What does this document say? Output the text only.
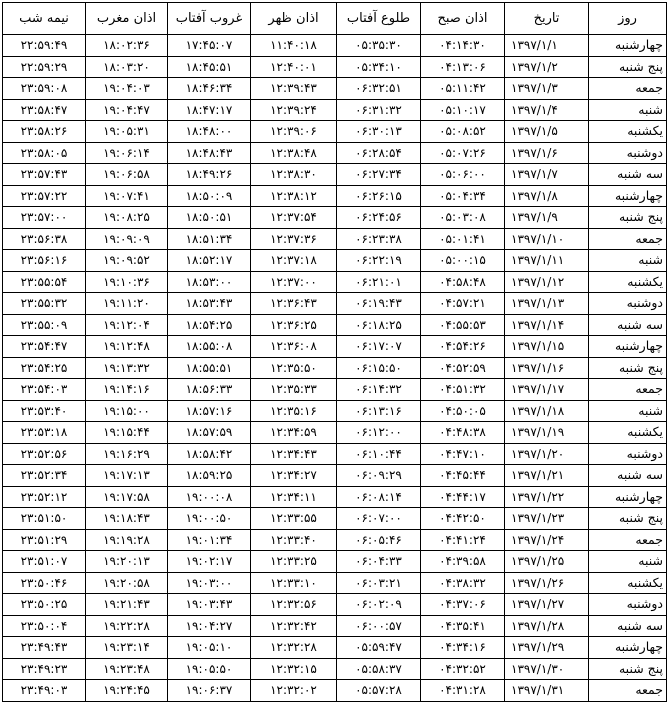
روز	تاریخ	اذان صبح	طلوع آفتاب	اذان ظهر	غروب آفتاب	اذان مغرب	نیمه شب
چهارشنبه	۱۳۹۷/۱/۱	۰۴:۱۴:۳۰	۰۵:۳۵:۳۰	۱۱:۴۰:۱۸	۱۷:۴۵:۰۷	۱۸:۰۲:۳۶	۲۲:۵۹:۴۹
پنج شنبه	۱۳۹۷/۱/۲	۰۴:۱۳:۰۶	۰۵:۳۴:۱۰	۱۲:۴۰:۰۱	۱۸:۴۵:۵۱	۱۸:۰۳:۲۰	۲۲:۵۹:۲۹
جمعه	۱۳۹۷/۱/۳	۰۵:۱۱:۴۲	۰۶:۳۲:۵۱	۱۲:۳۹:۴۳	۱۸:۴۶:۳۴	۱۹:۰۴:۰۳	۲۳:۵۹:۰۸
شنبه	۱۳۹۷/۱/۴	۰۵:۱۰:۱۷	۰۶:۳۱:۳۲	۱۲:۳۹:۲۴	۱۸:۴۷:۱۷	۱۹:۰۴:۴۷	۲۳:۵۸:۴۷
یکشنبه	۱۳۹۷/۱/۵	۰۵:۰۸:۵۲	۰۶:۳۰:۱۳	۱۲:۳۹:۰۶	۱۸:۴۸:۰۰	۱۹:۰۵:۳۱	۲۳:۵۸:۲۶
دوشنبه	۱۳۹۷/۱/۶	۰۵:۰۷:۲۶	۰۶:۲۸:۵۴	۱۲:۳۸:۴۸	۱۸:۴۸:۴۳	۱۹:۰۶:۱۴	۲۳:۵۸:۰۵
سه شنبه	۱۳۹۷/۱/۷	۰۵:۰۶:۰۰	۰۶:۲۷:۳۴	۱۲:۳۸:۳۰	۱۸:۴۹:۲۶	۱۹:۰۶:۵۸	۲۳:۵۷:۴۳
چهارشنبه	۱۳۹۷/۱/۸	۰۵:۰۴:۳۴	۰۶:۲۶:۱۵	۱۲:۳۸:۱۲	۱۸:۵۰:۰۹	۱۹:۰۷:۴۱	۲۳:۵۷:۲۲
پنج شنبه	۱۳۹۷/۱/۹	۰۵:۰۳:۰۸	۰۶:۲۴:۵۶	۱۲:۳۷:۵۴	۱۸:۵۰:۵۱	۱۹:۰۸:۲۵	۲۳:۵۷:۰۰
جمعه	۱۳۹۷/۱/۱۰	۰۵:۰۱:۴۱	۰۶:۲۳:۳۸	۱۲:۳۷:۳۶	۱۸:۵۱:۳۴	۱۹:۰۹:۰۹	۲۳:۵۶:۳۸
شنبه	۱۳۹۷/۱/۱۱	۰۵:۰۰:۱۵	۰۶:۲۲:۱۹	۱۲:۳۷:۱۸	۱۸:۵۲:۱۷	۱۹:۰۹:۵۲	۲۳:۵۶:۱۶
یکشنبه	۱۳۹۷/۱/۱۲	۰۴:۵۸:۴۸	۰۶:۲۱:۰۱	۱۲:۳۷:۰۰	۱۸:۵۳:۰۰	۱۹:۱۰:۳۶	۲۳:۵۵:۵۴
دوشنبه	۱۳۹۷/۱/۱۳	۰۴:۵۷:۲۱	۰۶:۱۹:۴۳	۱۲:۳۶:۴۳	۱۸:۵۳:۴۳	۱۹:۱۱:۲۰	۲۳:۵۵:۳۲
سه شنبه	۱۳۹۷/۱/۱۴	۰۴:۵۵:۵۳	۰۶:۱۸:۲۵	۱۲:۳۶:۲۵	۱۸:۵۴:۲۵	۱۹:۱۲:۰۴	۲۳:۵۵:۰۹
چهارشنبه	۱۳۹۷/۱/۱۵	۰۴:۵۴:۲۶	۰۶:۱۷:۰۷	۱۲:۳۶:۰۸	۱۸:۵۵:۰۸	۱۹:۱۲:۴۸	۲۳:۵۴:۴۷
پنج شنبه	۱۳۹۷/۱/۱۶	۰۴:۵۲:۵۹	۰۶:۱۵:۵۰	۱۲:۳۵:۵۰	۱۸:۵۵:۵۱	۱۹:۱۳:۳۲	۲۳:۵۴:۲۵
جمعه	۱۳۹۷/۱/۱۷	۰۴:۵۱:۳۲	۰۶:۱۴:۳۲	۱۲:۳۵:۳۳	۱۸:۵۶:۳۳	۱۹:۱۴:۱۶	۲۳:۵۴:۰۳
شنبه	۱۳۹۷/۱/۱۸	۰۴:۵۰:۰۵	۰۶:۱۳:۱۶	۱۲:۳۵:۱۶	۱۸:۵۷:۱۶	۱۹:۱۵:۰۰	۲۳:۵۳:۴۰
یکشنبه	۱۳۹۷/۱/۱۹	۰۴:۴۸:۳۸	۰۶:۱۲:۰۰	۱۲:۳۴:۵۹	۱۸:۵۷:۵۹	۱۹:۱۵:۴۴	۲۳:۵۳:۱۸
دوشنبه	۱۳۹۷/۱/۲۰	۰۴:۴۷:۱۰	۰۶:۱۰:۴۴	۱۲:۳۴:۴۳	۱۸:۵۸:۴۲	۱۹:۱۶:۲۹	۲۳:۵۲:۵۶
سه شنبه	۱۳۹۷/۱/۲۱	۰۴:۴۵:۴۴	۰۶:۰۹:۲۹	۱۲:۳۴:۲۷	۱۸:۵۹:۲۵	۱۹:۱۷:۱۳	۲۳:۵۲:۳۴
چهارشنبه	۱۳۹۷/۱/۲۲	۰۴:۴۴:۱۷	۰۶:۰۸:۱۴	۱۲:۳۴:۱۱	۱۹:۰۰:۰۸	۱۹:۱۷:۵۸	۲۳:۵۲:۱۲
پنج شنبه	۱۳۹۷/۱/۲۳	۰۴:۴۲:۵۰	۰۶:۰۷:۰۰	۱۲:۳۳:۵۵	۱۹:۰۰:۵۰	۱۹:۱۸:۴۳	۲۳:۵۱:۵۰
جمعه	۱۳۹۷/۱/۲۴	۰۴:۴۱:۲۴	۰۶:۰۵:۴۶	۱۲:۳۳:۴۰	۱۹:۰۱:۳۴	۱۹:۱۹:۲۸	۲۳:۵۱:۲۹
شنبه	۱۳۹۷/۱/۲۵	۰۴:۳۹:۵۸	۰۶:۰۴:۳۳	۱۲:۳۳:۲۵	۱۹:۰۲:۱۷	۱۹:۲۰:۱۳	۲۳:۵۱:۰۷
یکشنبه	۱۳۹۷/۱/۲۶	۰۴:۳۸:۳۲	۰۶:۰۳:۲۱	۱۲:۳۳:۱۰	۱۹:۰۳:۰۰	۱۹:۲۰:۵۸	۲۳:۵۰:۴۶
دوشنبه	۱۳۹۷/۱/۲۷	۰۴:۳۷:۰۶	۰۶:۰۲:۰۹	۱۲:۳۲:۵۶	۱۹:۰۳:۴۳	۱۹:۲۱:۴۳	۲۳:۵۰:۲۵
سه شنبه	۱۳۹۷/۱/۲۸	۰۴:۳۵:۴۱	۰۶:۰۰:۵۷	۱۲:۳۲:۴۲	۱۹:۰۴:۲۷	۱۹:۲۲:۲۸	۲۳:۵۰:۰۴
چهارشنبه	۱۳۹۷/۱/۲۹	۰۴:۳۴:۱۶	۰۵:۵۹:۴۷	۱۲:۳۲:۲۸	۱۹:۰۵:۱۰	۱۹:۲۳:۱۴	۲۳:۴۹:۴۳
پنج شنبه	۱۳۹۷/۱/۳۰	۰۴:۳۲:۵۲	۰۵:۵۸:۳۷	۱۲:۳۲:۱۵	۱۹:۰۵:۵۰	۱۹:۲۳:۴۸	۲۳:۴۹:۲۳
جمعه	۱۳۹۷/۱/۳۱	۰۴:۳۱:۲۸	۰۵:۵۷:۲۸	۱۲:۳۲:۰۲	۱۹:۰۶:۳۷	۱۹:۲۴:۴۵	۲۳:۴۹:۰۳
